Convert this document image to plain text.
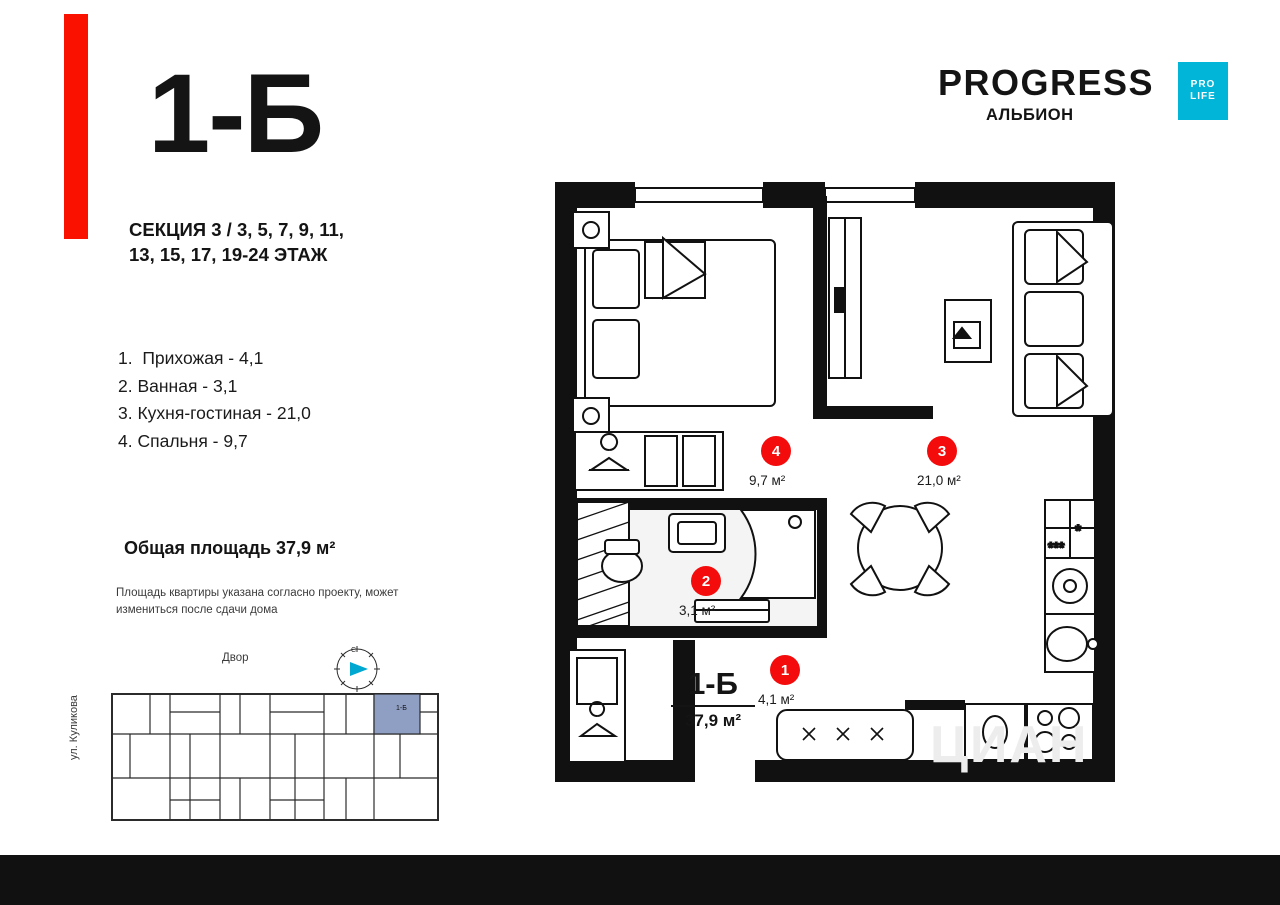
1-Б
СЕКЦИЯ 3 / 3, 5, 7, 9, 11,
13, 15, 17, 19-24 ЭТАЖ
1. Прихожая - 4,1
2. Ванная - 3,1
3. Кухня-гостиная - 21,0
4. Спальня - 9,7
Общая площадь 37,9 м²
Площадь квартиры указана согласно проекту, может измениться после сдачи дома
Двор
ул. Куликова
С
1-Б
PROGRESS
АЛЬБИОН
PRO
LIFE
*
***
4
9,7 м²
3
21,0 м²
2
3,1 м²
1
4,1 м²
1-Б
37,9 м²	ЦИАН
